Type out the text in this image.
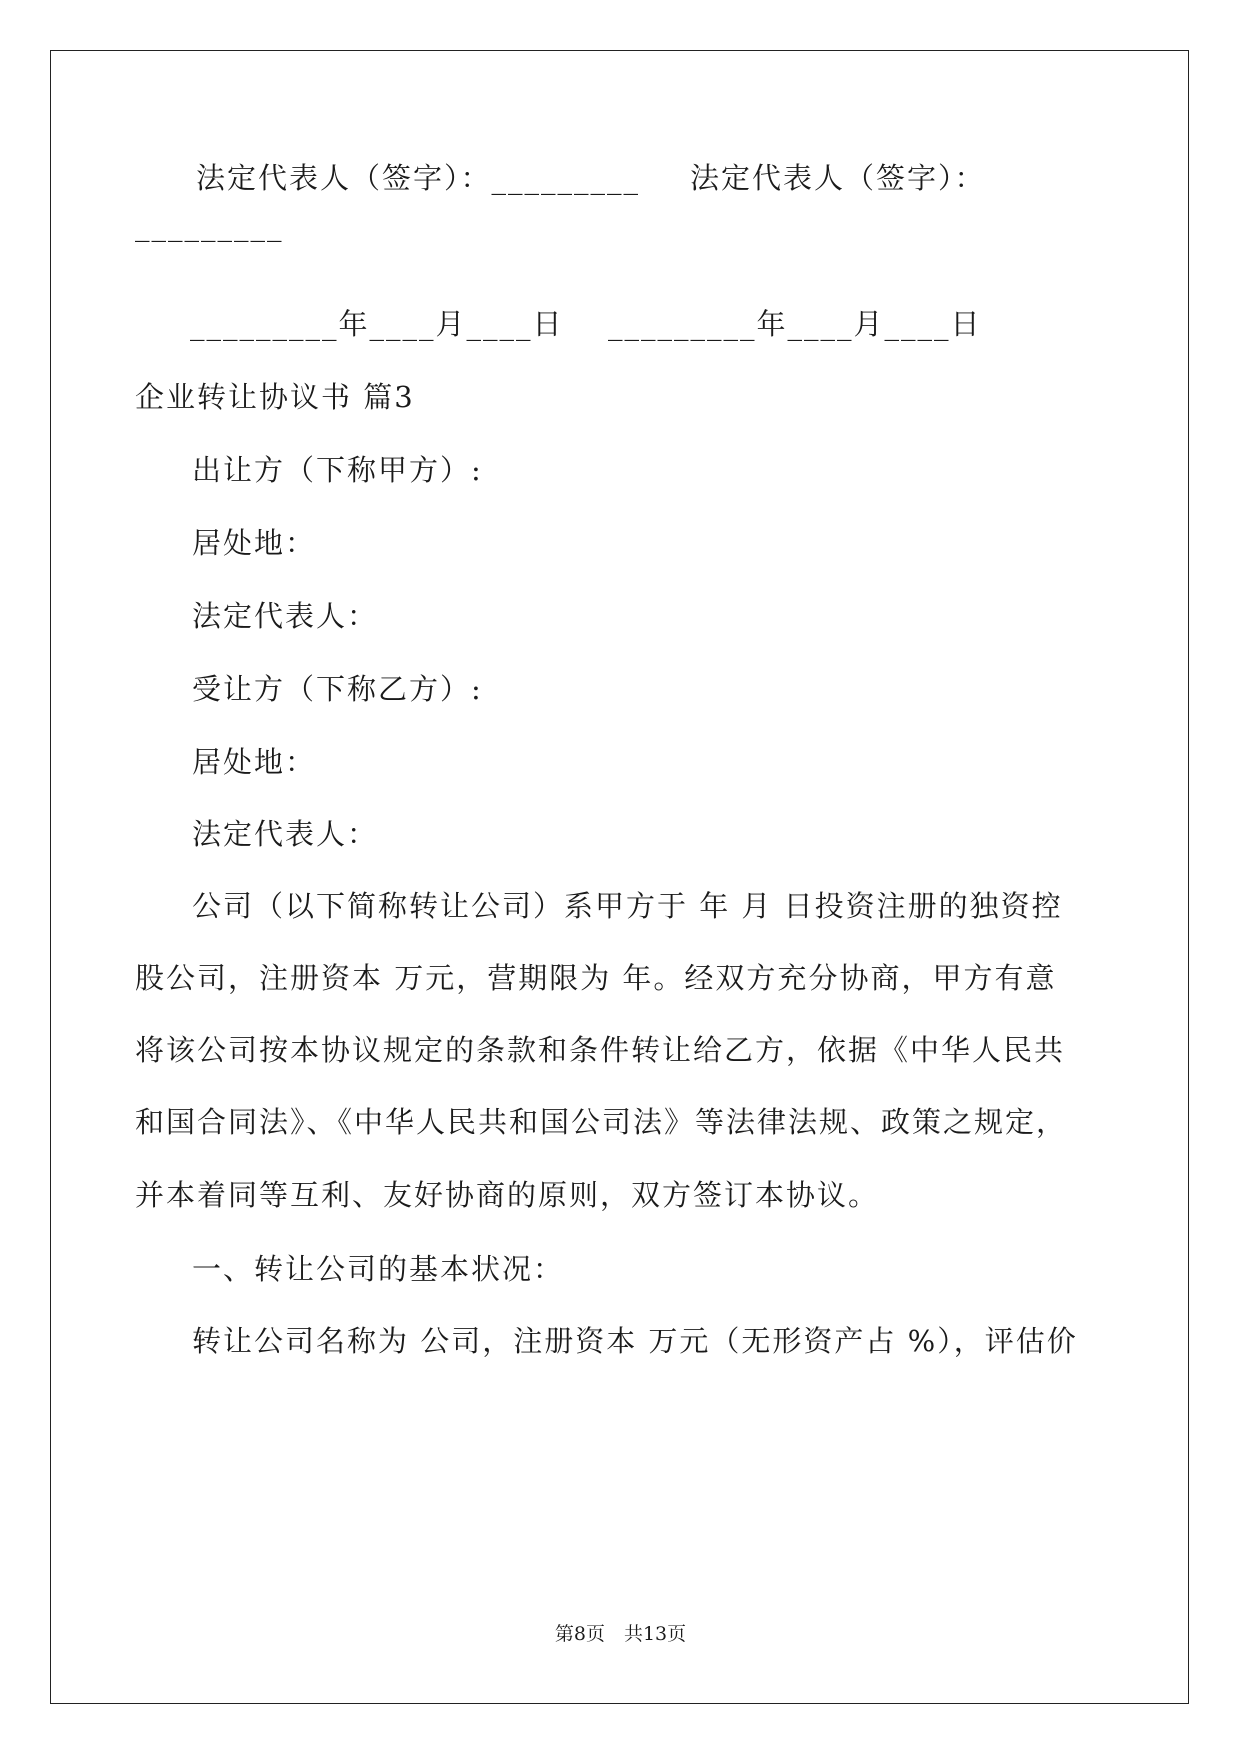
法定代表人（签字）：_________ 法定代表人（签字）：
_________
_________年____月____日 _________年____月____日
企业转让协议书 篇3
出让方（下称甲方）:
居处地：
法定代表人：
受让方（下称乙方）:
居处地：
法定代表人：
公司（以下简称转让公司）系甲方于 年 月 日投资注册的独资控
股公司，注册资本 万元，营期限为 年。经双方充分协商，甲方有意
将该公司按本协议规定的条款和条件转让给乙方，依据《中华人民共
和国合同法》、《中华人民共和国公司法》等法律法规、政策之规定，
并本着同等互利、友好协商的原则，双方签订本协议。
一、转让公司的基本状况：
转让公司名称为 公司，注册资本 万元（无形资产占 %），评估价
第8页　共13页
